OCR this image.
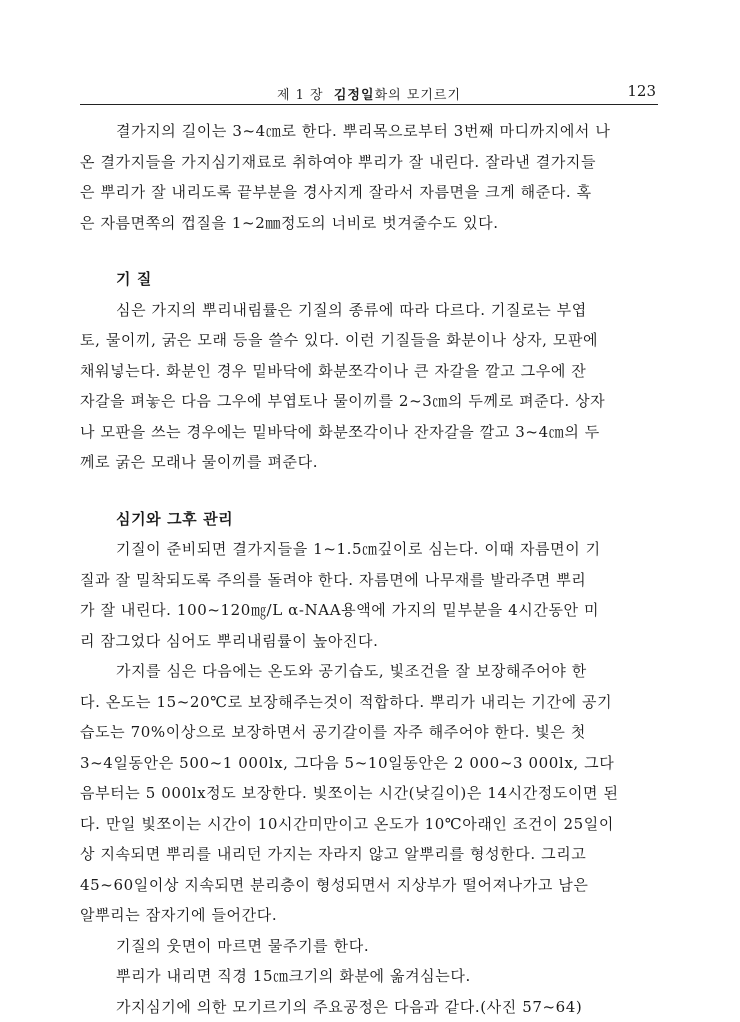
제 1 장 김정일화의 모기르기	123
결가지의 길이는 3~4㎝로 한다. 뿌리목으로부터 3번째 마디까지에서 나
온 결가지들을 가지심기재료로 취하여야 뿌리가 잘 내린다. 잘라낸 결가지들
은 뿌리가 잘 내리도록 끝부분을 경사지게 잘라서 자름면을 크게 해준다. 혹
은 자름면쪽의 껍질을 1~2㎜정도의 너비로 벗겨줄수도 있다.
기 질
심은 가지의 뿌리내림률은 기질의 종류에 따라 다르다. 기질로는 부엽
토, 물이끼, 굵은 모래 등을 쓸수 있다. 이런 기질들을 화분이나 상자, 모판에
채워넣는다. 화분인 경우 밑바닥에 화분쪼각이나 큰 자갈을 깔고 그우에 잔
자갈을 펴놓은 다음 그우에 부엽토나 물이끼를 2~3㎝의 두께로 펴준다. 상자
나 모판을 쓰는 경우에는 밑바닥에 화분쪼각이나 잔자갈을 깔고 3~4㎝의 두
께로 굵은 모래나 물이끼를 펴준다.
심기와 그후 관리
기질이 준비되면 결가지들을 1~1.5㎝깊이로 심는다. 이때 자름면이 기
질과 잘 밀착되도록 주의를 돌려야 한다. 자름면에 나무재를 발라주면 뿌리
가 잘 내린다. 100~120㎎/L α-NAA용액에 가지의 밑부분을 4시간동안 미
리 잠그었다 심어도 뿌리내림률이 높아진다.
가지를 심은 다음에는 온도와 공기습도, 빛조건을 잘 보장해주어야 한
다. 온도는 15~20℃로 보장해주는것이 적합하다. 뿌리가 내리는 기간에 공기
습도는 70%이상으로 보장하면서 공기갈이를 자주 해주어야 한다. 빛은 첫
3~4일동안은 500~1 000lx, 그다음 5~10일동안은 2 000~3 000lx, 그다
음부터는 5 000lx정도 보장한다. 빛쪼이는 시간(낮길이)은 14시간정도이면 된
다. 만일 빛쪼이는 시간이 10시간미만이고 온도가 10℃아래인 조건이 25일이
상 지속되면 뿌리를 내리던 가지는 자라지 않고 알뿌리를 형성한다. 그리고
45~60일이상 지속되면 분리층이 형성되면서 지상부가 떨어져나가고 남은
알뿌리는 잠자기에 들어간다.
기질의 웃면이 마르면 물주기를 한다.
뿌리가 내리면 직경 15㎝크기의 화분에 옮겨심는다.
가지심기에 의한 모기르기의 주요공정은 다음과 같다.(사진 57~64)
